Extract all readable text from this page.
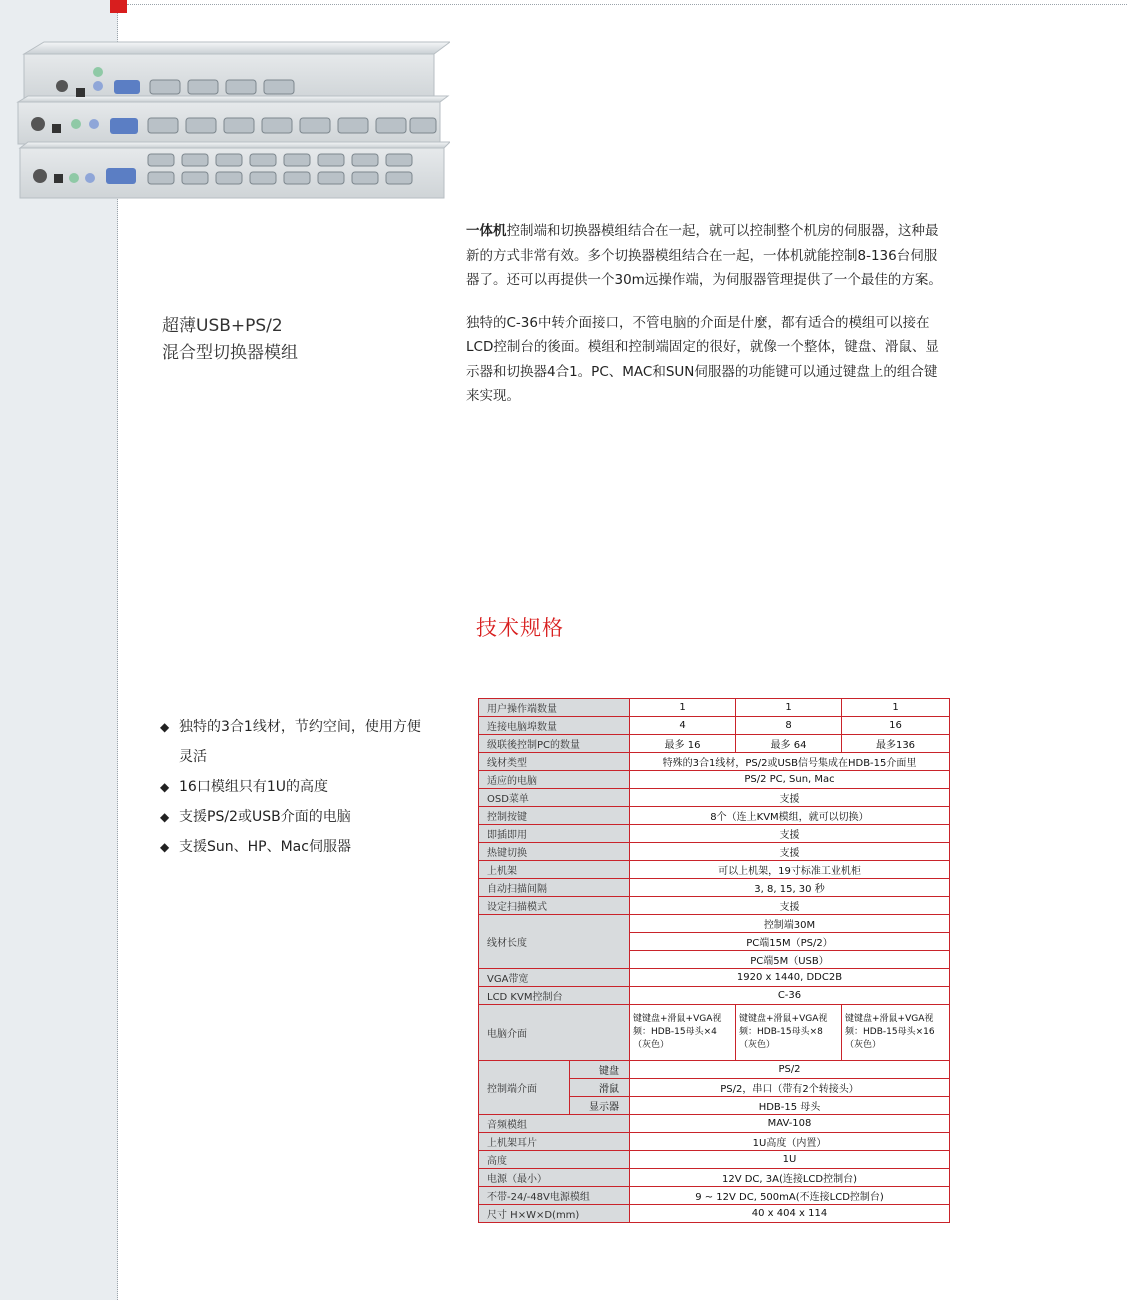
超薄USB+PS/2
混合型切换器模组

一体机控制端和切换器模组结合在一起，就可以控制整个机房的伺服器，这种最新的方式非常有效。多个切换器模组结合在一起，一体机就能控制8-136台伺服器了。还可以再提供一个30m远操作端，为伺服器管理提供了一个最佳的方案。

独特的C-36中转介面接口，不管电脑的介面是什麼，都有适合的模组可以接在LCD控制台的後面。模组和控制端固定的很好，就像一个整体，键盘、滑鼠、显示器和切换器4合1。PC、MAC和SUN伺服器的功能键可以通过键盘上的组合键来实现。

技术规格
◆ 独特的3合1线材，节约空间，使用方便灵活
◆ 16口模组只有1U的高度
◆ 支援PS/2或USB介面的电脑
◆ 支援Sun、HP、Mac伺服器
用户操作端数量		1	1	1
连接电脑埠数量		4	8	16
级联後控制PC的数量		最多 16	最多 64	最多136
线材类型		特殊的3合1线材，PS/2或USB信号集成在HDB-15介面里		
适应的电脑		PS/2 PC, Sun, Mac		
OSD菜单		支援		
控制按键		8个（连上KVM模组，就可以切换）		
即插即用		支援		
热键切换		支援		
上机架		可以上机架，19寸标准工业机柜		
自动扫描间隔		3, 8, 15, 30 秒		
设定扫描模式		支援		
线材长度		控制端30M		
		PC端15M（PS/2）		
		PC端5M（USB）		
VGA带宽		1920 x 1440, DDC2B		
LCD KVM控制台		C-36		
电脑介面		键键盘+滑鼠+VGA视频：HDB-15母头×4（灰色）	键键盘+滑鼠+VGA视频：HDB-15母头×8（灰色）	键键盘+滑鼠+VGA视频：HDB-15母头×16（灰色）
控制端介面	键盘	PS/2		
	滑鼠	PS/2，串口（带有2个转接头）		
	显示器	HDB-15 母头		
音频模组		MAV-108		
上机架耳片		1U高度（内置）		
高度		1U		
电源（最小）		12V DC, 3A(连接LCD控制台)		
不带-24/-48V电源模组		9 ~ 12V DC, 500mA(不连接LCD控制台)		
尺寸 H×W×D(mm)		40 x 404 x 114		
